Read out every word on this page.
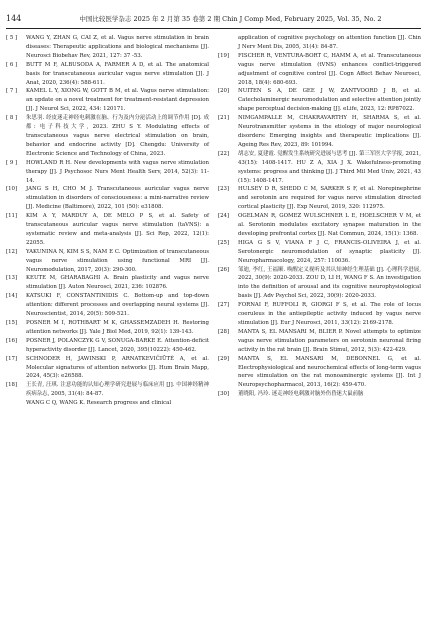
144	中国比较医学杂志 2025 年 2 月第 35 卷第 2 期 Chin J Comp Med, February 2025, Vol. 35, No. 2
[ 5 ]	WANG Y, ZHAN G, CAI Z, et al. Vagus nerve stimulation in brain diseases: Therapeutic applications and biological mechanisms [J]. Neurosci Biobehav Rev, 2021, 127: 37 -53.
[ 6 ]	BUTT M F, ALBUSODA A, FARMER A D, et al. The anatomical basis for transcutaneous auricular vagus nerve stimulation [J]. J Anat, 2020, 236(4): 588-611.
[ 7 ]	KAMEL L Y, XIONG W, GOTT B M, et al. Vagus nerve stimulation: an update on a novel treatment for treatment-resistant depression [J]. J Neurol Sci, 2022, 434: 120171.
[ 8 ]	朱思羽. 经皮迷走神经电刺激在脑、行为及内分泌活动上的调节作用 [D]. 成都: 电子科技大学, 2023. ZHU S Y. Modulating effects of transcutaneous vagus nerve electrical stimulation on brain, behavior and endocrine activity [D]. Chengdu: University of Electronic Science and Technology of China, 2023.
[ 9 ]	HOWLAND R H. New developments with vagus nerve stimulation therapy [J]. J Psychosoc Nurs Ment Health Serv, 2014, 52(3): 11-14.
[10]	JANG S H, CHO M J. Transcutaneous auricular vagus nerve stimulation in disorders of consciousness: a mini-narrative review [J]. Medicine (Baltimore), 2022, 101 (50): e31808.
[11]	KIM A Y, MARDUY A, DE MELO P S, et al. Safety of transcutaneous auricular vagus nerve stimulation (taVNS): a systematic review and meta-analysis [J]. Sci Rep, 2022, 12(1): 22055.
[12]	YAKUNINA N, KIM S S, NAM E C. Optimization of transcutaneous vagus nerve stimulation using functional MRI [J]. Neuromodulation, 2017, 20(3): 290-300.
[13]	KEUTE M, GHARABAGHI A. Brain plasticity and vagus nerve stimulation [J]. Auton Neurosci, 2021, 236: 102876.
[14]	KATSUKI F, CONSTANTINIDIS C. Bottom-up and top-down attention: different processes and overlapping neural systems [J]. Neuroscientist, 2014, 20(5): 509-521.
[15]	POSNER M I, ROTHBART M K, GHASSEMZADEH H. Restoring attention networks [J]. Yale J Biol Med, 2019, 92(1): 139-143.
[16]	POSNER J, POLANCZYK G V, SONUGA-BARKE E. Attention-deficit hyperactivity disorder [J]. Lancet, 2020, 395(10222): 450-462.
[17]	SCHNODER H, JAWINSKI P, ARNATKEVIČIŪTĖ A, et al. Molecular signatures of attention networks [J]. Hum Brain Mapp, 2024, 45(3): e26588.
[18]	王长青, 汪琪. 注意功能的认知心理学研究进展与临床应用 [J]. 中国神经精神疾病杂志, 2005, 31(4): 84-87.
WANG C Q, WANG K. Research progress and clinical
application of cognitive psychology on attention function [J]. Chin J Nerv Ment Dis, 2005, 31(4): 84-87.
[19]	FISCHER R, VENTURA-BORT C, HAMM A, et al. Transcutaneous vagus nerve stimulation (tVNS) enhances conflict-triggered adjustment of cognitive control [J]. Cogn Affect Behav Neurosci, 2018, 18(4): 680-693.
[20]	NUITEN S A, DE GEE J W, ZANTVOORD J B, et al. Catecholaminergic neuromodulation and selective attention jointly shape perceptual decision-making [J]. eLife, 2023, 12: RP87022.
[21]	NIMGAMPALLE M, CHAKRAVARTHY H, SHARMA S, et al. Neurotransmitter systems in the etiology of major neurological disorders: Emerging insights and therapeutic implications [J]. Ageing Res Rev, 2023, 89: 101994.
[22]	胡志安, 夏建霞. 觉醒发生系统研究进展与思考 [J]. 第三军医大学学报, 2021, 43(15): 1408-1417. HU Z A, XIA J X. Wakefulness-promoting systems: progress and thinking [J]. J Third Mil Med Univ, 2021, 43 (15): 1408-1417.
[23]	HULSEY D R, SHEDD C M, SARKER S F, et al. Norepinephrine and serotonin are required for vagus nerve stimulation directed cortical plasticity [J]. Exp Neurol, 2019, 320: 112975.
[24]	OGELMAN R, GOMEZ WULSCHNER L E, HOELSCHER V M, et al. Serotonin modulates excitatory synapse maturation in the developing prefrontal cortex [J]. Nat Commun, 2024, 15(1): 1368.
[25]	HIGA G S V, VIANA F J C, FRANCIS-OLIVEIRA J, et al. Serotonergic neuromodulation of synaptic plasticity [J]. Neuropharmacology, 2024, 257: 110036.
[26]	邹迪, 李红, 王福顺. 唤醒定义视听及其认知神经生理基础 [J]. 心理科学进展, 2022, 30(9): 2020-2033. ZOU D, LI H, WANG F S. An investigation into the definition of arousal and its cognitive neurophysiological basis [J]. Adv Psychol Sci, 2022, 30(9): 2020-2033.
[27]	FORNAI F, RUFFOLI R, GIORGI F S, et al. The role of locus coeruleus in the antiepileptic activity induced by vagus nerve stimulation [J]. Eur J Neurosci, 2011, 33(12): 2169-2178.
[28]	MANTA S, EL MANSARI M, BLIER P. Novel attempts to optimize vagus nerve stimulation parameters on serotonin neuronal firing activity in the rat brain [J]. Brain Stimul, 2012, 5(3): 422-429.
[29]	MANTA S, EL MANSARI M, DEBONNEL G, et al. Electrophysiological and neurochemical effects of long-term vagus nerve stimulation on the rat monoaminergic systems [J]. Int J Neuropsychopharmacol, 2013, 16(2): 459-470.
[30]	董晓阳, 冯玲. 迷走神经电刺激对脑外伤昏迷大鼠前脑
